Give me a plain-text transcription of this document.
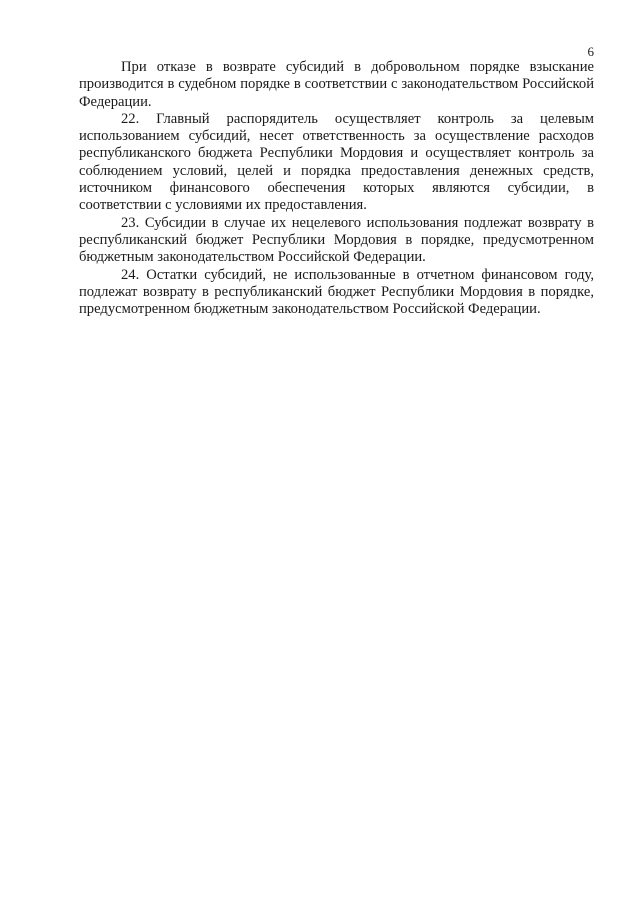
6

При отказе в возврате субсидий в добровольном порядке взыскание производится в судебном порядке в соответствии с законодательством Российской Федерации.

22. Главный распорядитель осуществляет контроль за целевым использованием субсидий, несет ответственность за осуществление расходов республиканского бюджета Республики Мордовия и осуществляет контроль за соблюдением условий, целей и порядка предоставления денежных средств, источником финансового обеспечения которых являются субсидии, в соответствии с условиями их предоставления.

23. Субсидии в случае их нецелевого использования подлежат возврату в республиканский бюджет Республики Мордовия в порядке, предусмотренном бюджетным законодательством Российской Федерации.

24. Остатки субсидий, не использованные в отчетном финансовом году, подлежат возврату в республиканский бюджет Республики Мордовия в порядке, предусмотренном бюджетным законодательством Российской Федерации.
